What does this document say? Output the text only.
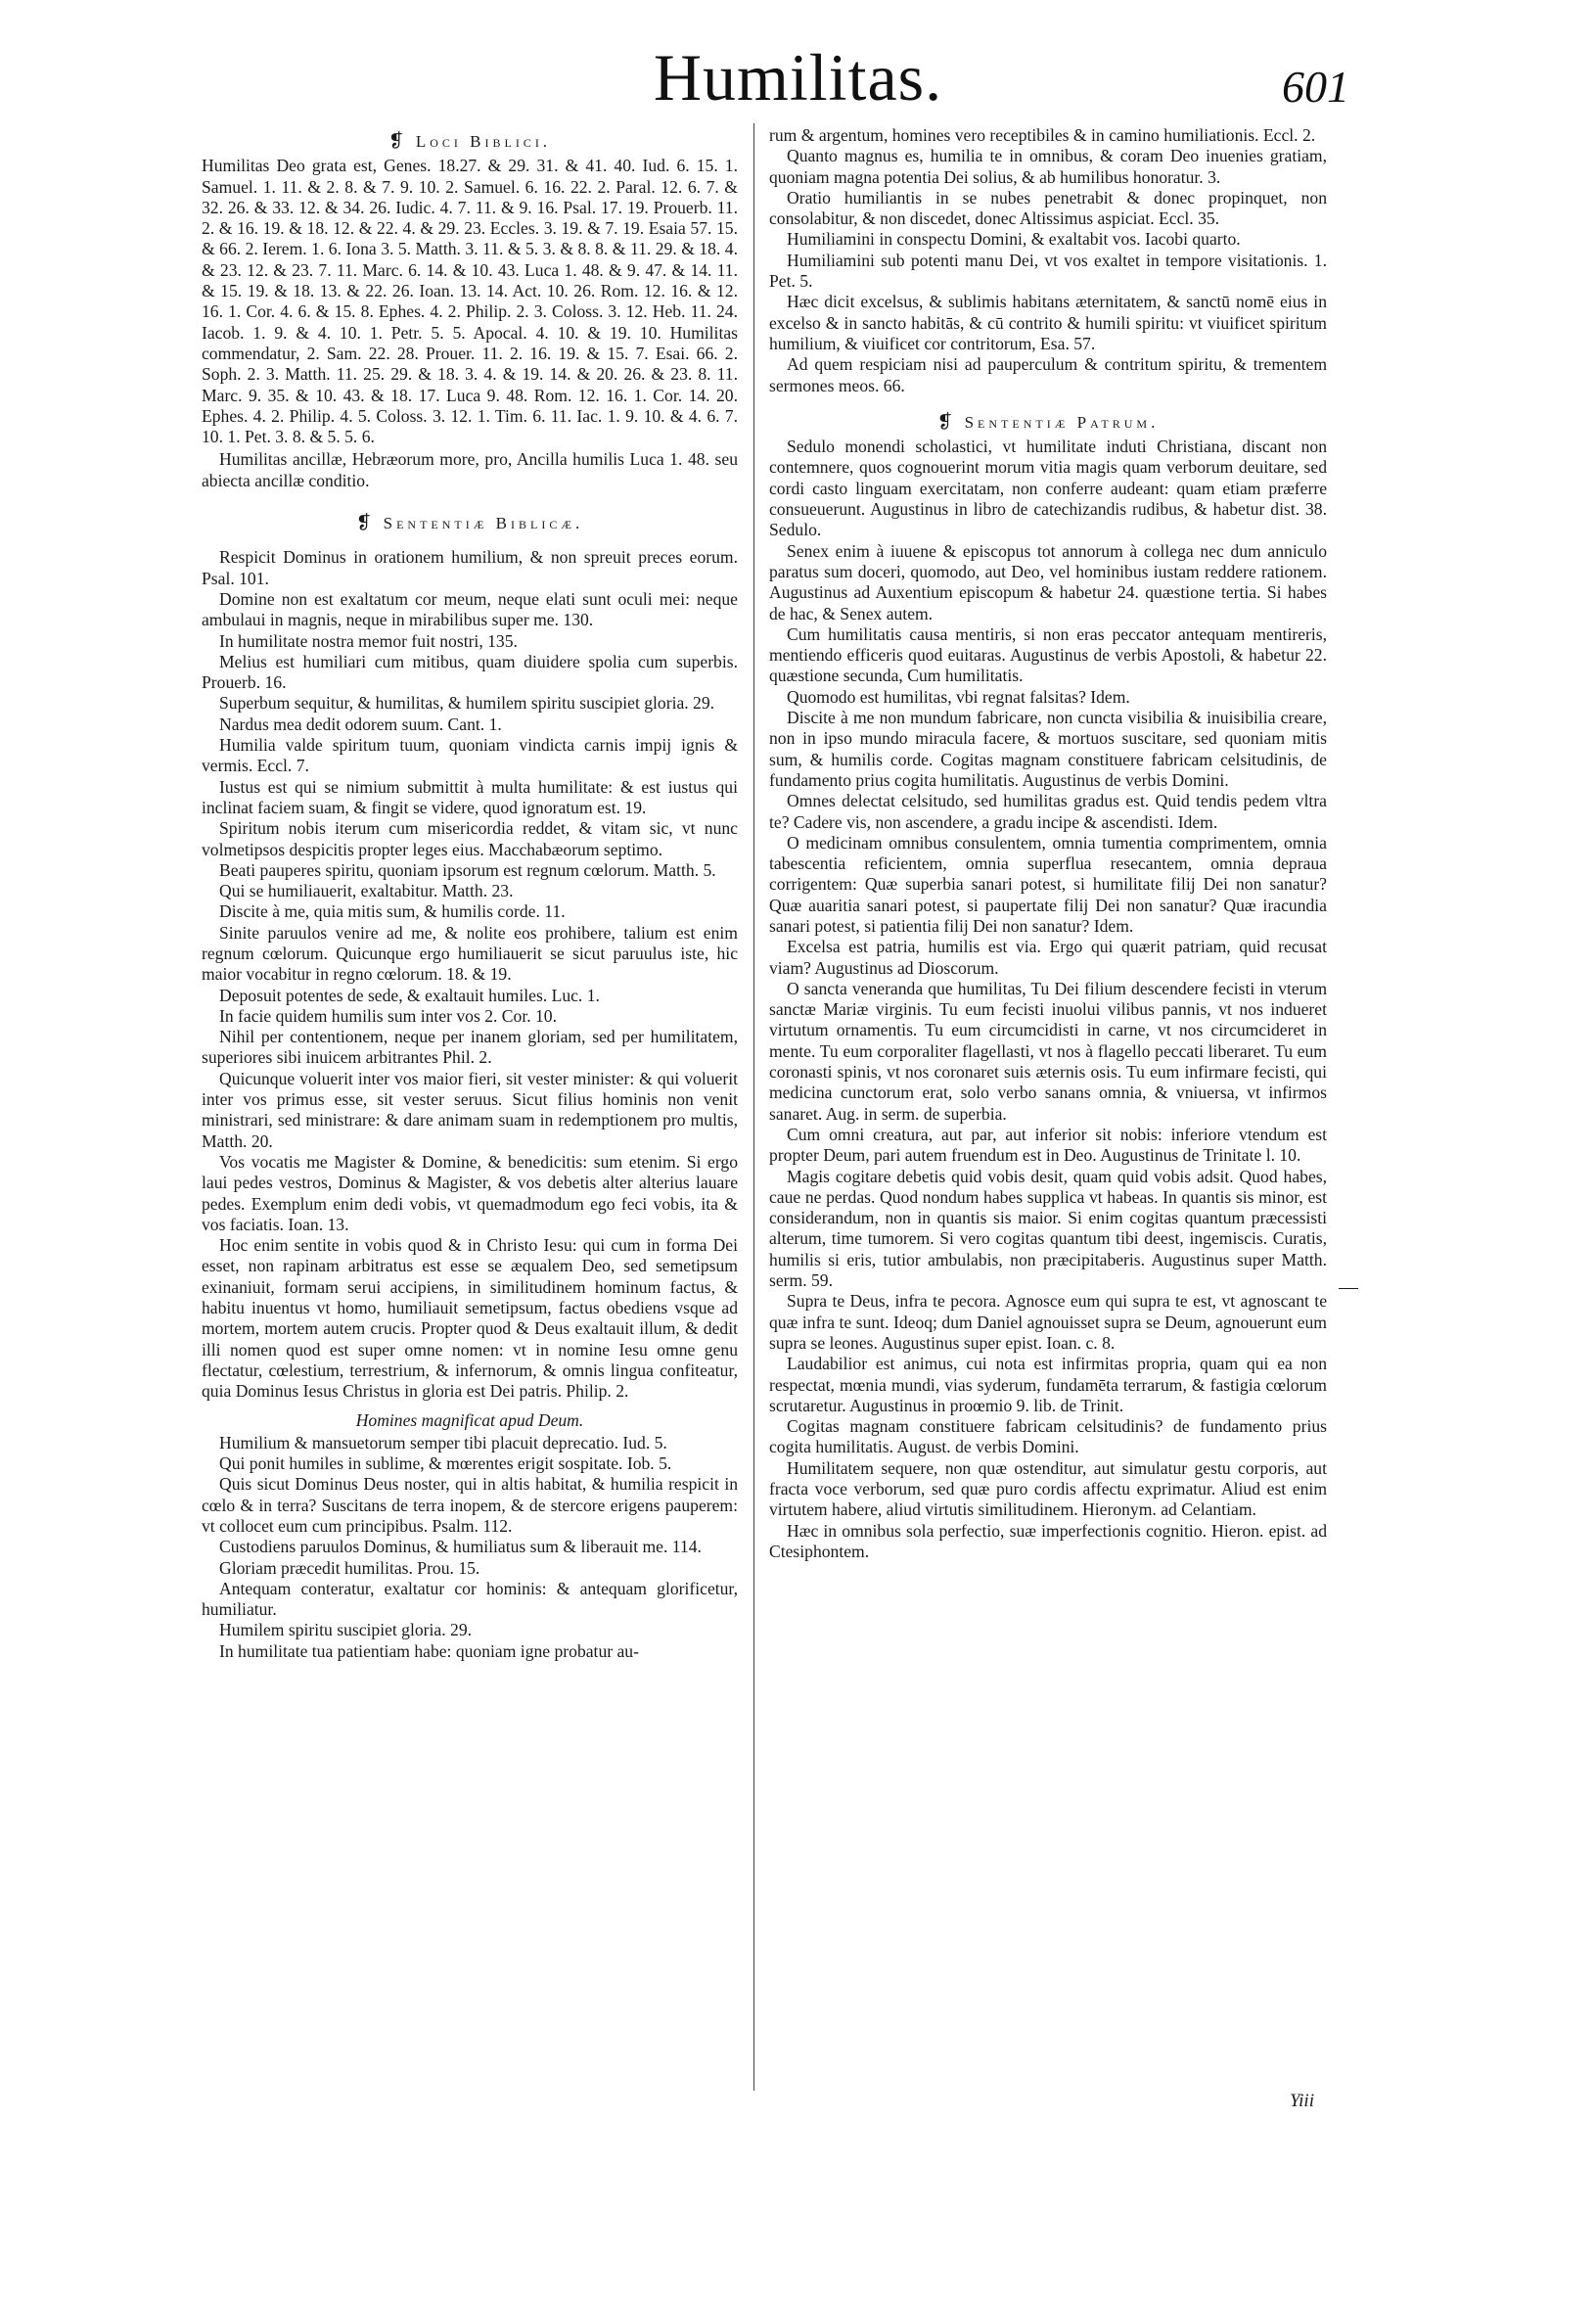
Humilitas.	601
❡ Loci Biblici.

Humilitas Deo grata est, Genes. 18.27. & 29. 31. & 41. 40. Iud. 6. 15. 1. Samuel. 1. 11. & 2. 8. & 7. 9. 10. 2. Samuel. 6. 16. 22. 2. Paral. 12. 6. 7. & 32. 26. & 33. 12. & 34. 26. Iudic. 4. 7. 11. & 9. 16. Psal. 17. 19. Prouerb. 11. 2. & 16. 19. & 18. 12. & 22. 4. & 29. 23. Eccles. 3. 19. & 7. 19. Esaia 57. 15. & 66. 2. Ierem. 1. 6. Iona 3. 5. Matth. 3. 11. & 5. 3. & 8. 8. & 11. 29. & 18. 4. & 23. 12. & 23. 7. 11. Marc. 6. 14. & 10. 43. Luca 1. 48. & 9. 47. & 14. 11. & 15. 19. & 18. 13. & 22. 26. Ioan. 13. 14. Act. 10. 26. Rom. 12. 16. & 12. 16. 1. Cor. 4. 6. & 15. 8. Ephes. 4. 2. Philip. 2. 3. Coloss. 3. 12. Heb. 11. 24. Iacob. 1. 9. & 4. 10. 1. Petr. 5. 5. Apocal. 4. 10. & 19. 10. Humilitas commendatur, 2. Sam. 22. 28. Prouer. 11. 2. 16. 19. & 15. 7. Esai. 66. 2. Soph. 2. 3. Matth. 11. 25. 29. & 18. 3. 4. & 19. 14. & 20. 26. & 23. 8. 11. Marc. 9. 35. & 10. 43. & 18. 17. Luca 9. 48. Rom. 12. 16. 1. Cor. 14. 20. Ephes. 4. 2. Philip. 4. 5. Coloss. 3. 12. 1. Tim. 6. 11. Iac. 1. 9. 10. & 4. 6. 7. 10. 1. Pet. 3. 8. & 5. 5. 6.

Humilitas ancillæ, Hebræorum more, pro, Ancilla humilis Luca 1. 48. seu abiecta ancillæ conditio.

❡ Sententiæ Biblicæ.

Respicit Dominus in orationem humilium, & non spreuit preces eorum. Psal. 101.

Domine non est exaltatum cor meum, neque elati sunt oculi mei: neque ambulaui in magnis, neque in mirabilibus super me. 130.

In humilitate nostra memor fuit nostri, 135.

Melius est humiliari cum mitibus, quam diuidere spolia cum superbis. Prouerb. 16.

Superbum sequitur, & humilitas, & humilem spiritu suscipiet gloria. 29.

Nardus mea dedit odorem suum. Cant. 1.

Humilia valde spiritum tuum, quoniam vindicta carnis impij ignis & vermis. Eccl. 7.

Iustus est qui se nimium submittit à multa humilitate: & est iustus qui inclinat faciem suam, & fingit se videre, quod ignoratum est. 19.

Spiritum nobis iterum cum misericordia reddet, & vitam sic, vt nunc volmetipsos despicitis propter leges eius. Macchabæorum septimo.

Beati pauperes spiritu, quoniam ipsorum est regnum cœlorum. Matth. 5.

Qui se humiliauerit, exaltabitur. Matth. 23.

Discite à me, quia mitis sum, & humilis corde. 11.

Sinite paruulos venire ad me, & nolite eos prohibere, talium est enim regnum cœlorum. Quicunque ergo humiliauerit se sicut paruulus iste, hic maior vocabitur in regno cœlorum. 18. & 19.

Deposuit potentes de sede, & exaltauit humiles. Luc. 1.

In facie quidem humilis sum inter vos 2. Cor. 10.

Nihil per contentionem, neque per inanem gloriam, sed per humilitatem, superiores sibi inuicem arbitrantes Phil. 2.

Quicunque voluerit inter vos maior fieri, sit vester minister: & qui voluerit inter vos primus esse, sit vester seruus. Sicut filius hominis non venit ministrari, sed ministrare: & dare animam suam in redemptionem pro multis, Matth. 20.

Vos vocatis me Magister & Domine, & benedicitis: sum etenim. Si ergo laui pedes vestros, Dominus & Magister, & vos debetis alter alterius lauare pedes. Exemplum enim dedi vobis, vt quemadmodum ego feci vobis, ita & vos faciatis. Ioan. 13.

Hoc enim sentite in vobis quod & in Christo Iesu: qui cum in forma Dei esset, non rapinam arbitratus est esse se æqualem Deo, sed semetipsum exinaniuit, formam serui accipiens, in similitudinem hominum factus, & habitu inuentus vt homo, humiliauit semetipsum, factus obediens vsque ad mortem, mortem autem crucis. Propter quod & Deus exaltauit illum, & dedit illi nomen quod est super omne nomen: vt in nomine Iesu omne genu flectatur, cœlestium, terrestrium, & infernorum, & omnis lingua confiteatur, quia Dominus Iesus Christus in gloria est Dei patris. Philip. 2.

Homines magnificat apud Deum.

Humilium & mansuetorum semper tibi placuit deprecatio. Iud. 5.

Qui ponit humiles in sublime, & mœrentes erigit sospitate. Iob. 5.

Quis sicut Dominus Deus noster, qui in altis habitat, & humilia respicit in cœlo & in terra? Suscitans de terra inopem, & de stercore erigens pauperem: vt collocet eum cum principibus. Psalm. 112.

Custodiens paruulos Dominus, & humiliatus sum & liberauit me. 114.

Gloriam præcedit humilitas. Prou. 15.

Antequam conteratur, exaltatur cor hominis: & antequam glorificetur, humiliatur.

Humilem spiritu suscipiet gloria. 29.

In humilitate tua patientiam habe: quoniam igne probatur au-

rum & argentum, homines vero receptibiles & in camino humiliationis. Eccl. 2.

Quanto magnus es, humilia te in omnibus, & coram Deo inuenies gratiam, quoniam magna potentia Dei solius, & ab humilibus honoratur. 3.

Oratio humiliantis in se nubes penetrabit & donec propinquet, non consolabitur, & non discedet, donec Altissimus aspiciat. Eccl. 35.

Humiliamini in conspectu Domini, & exaltabit vos. Iacobi quarto.

Humiliamini sub potenti manu Dei, vt vos exaltet in tempore visitationis. 1. Pet. 5.

Hæc dicit excelsus, & sublimis habitans æternitatem, & sanctū nomē eius in excelso & in sancto habitās, & cū contrito & humili spiritu: vt viuificet spiritum humilium, & viuificet cor contritorum, Esa. 57.

Ad quem respiciam nisi ad pauperculum & contritum spiritu, & trementem sermones meos. 66.

❡ Sententiæ Patrum.

Sedulo monendi scholastici, vt humilitate induti Christiana, discant non contemnere, quos cognouerint morum vitia magis quam verborum deuitare, sed cordi casto linguam exercitatam, non conferre audeant: quam etiam præferre consueuerunt. Augustinus in libro de catechizandis rudibus, & habetur dist. 38. Sedulo.

Senex enim à iuuene & episcopus tot annorum à collega nec dum anniculo paratus sum doceri, quomodo, aut Deo, vel hominibus iustam reddere rationem. Augustinus ad Auxentium episcopum & habetur 24. quæstione tertia. Si habes de hac, & Senex autem.

Cum humilitatis causa mentiris, si non eras peccator antequam mentireris, mentiendo efficeris quod euitaras. Augustinus de verbis Apostoli, & habetur 22. quæstione secunda, Cum humilitatis.

Quomodo est humilitas, vbi regnat falsitas? Idem.

Discite à me non mundum fabricare, non cuncta visibilia & inuisibilia creare, non in ipso mundo miracula facere, & mortuos suscitare, sed quoniam mitis sum, & humilis corde. Cogitas magnam constituere fabricam celsitudinis, de fundamento prius cogita humilitatis. Augustinus de verbis Domini.

Omnes delectat celsitudo, sed humilitas gradus est. Quid tendis pedem vltra te? Cadere vis, non ascendere, a gradu incipe & ascendisti. Idem.

O medicinam omnibus consulentem, omnia tumentia comprimentem, omnia tabescentia reficientem, omnia superflua resecantem, omnia depraua corrigentem: Quæ superbia sanari potest, si humilitate filij Dei non sanatur? Quæ auaritia sanari potest, si paupertate filij Dei non sanatur? Quæ iracundia sanari potest, si patientia filij Dei non sanatur? Idem.

Excelsa est patria, humilis est via. Ergo qui quærit patriam, quid recusat viam? Augustinus ad Dioscorum.

O sancta veneranda que humilitas, Tu Dei filium descendere fecisti in vterum sanctæ Mariæ virginis. Tu eum fecisti inuolui vilibus pannis, vt nos indueret virtutum ornamentis. Tu eum circumcidisti in carne, vt nos circumcideret in mente. Tu eum corporaliter flagellasti, vt nos à flagello peccati liberaret. Tu eum coronasti spinis, vt nos coronaret suis æternis osis. Tu eum infirmare fecisti, qui medicina cunctorum erat, solo verbo sanans omnia, & vniuersa, vt infirmos sanaret. Aug. in serm. de superbia.

Cum omni creatura, aut par, aut inferior sit nobis: inferiore vtendum est propter Deum, pari autem fruendum est in Deo. Augustinus de Trinitate l. 10.

Magis cogitare debetis quid vobis desit, quam quid vobis adsit. Quod habes, caue ne perdas. Quod nondum habes supplica vt habeas. In quantis sis minor, est considerandum, non in quantis sis maior. Si enim cogitas quantum præcessisti alterum, time tumorem. Si vero cogitas quantum tibi deest, ingemiscis. Curatis, humilis si eris, tutior ambulabis, non præcipitaberis. Augustinus super Matth. serm. 59.

Supra te Deus, infra te pecora. Agnosce eum qui supra te est, vt agnoscant te quæ infra te sunt. Ideoq; dum Daniel agnouisset supra se Deum, agnouerunt eum supra se leones. Augustinus super epist. Ioan. c. 8.

Laudabilior est animus, cui nota est infirmitas propria, quam qui ea non respectat, mœnia mundi, vias syderum, fundamēta terrarum, & fastigia cœlorum scrutaretur. Augustinus in proœmio 9. lib. de Trinit.

Cogitas magnam constituere fabricam celsitudinis? de fundamento prius cogita humilitatis. August. de verbis Domini.

Humilitatem sequere, non quæ ostenditur, aut simulatur gestu corporis, aut fracta voce verborum, sed quæ puro cordis affectu exprimatur. Aliud est enim virtutem habere, aliud virtutis similitudinem. Hieronym. ad Celantiam.

Hæc in omnibus sola perfectio, suæ imperfectionis cognitio. Hieron. epist. ad Ctesiphontem.

—
Yiii
